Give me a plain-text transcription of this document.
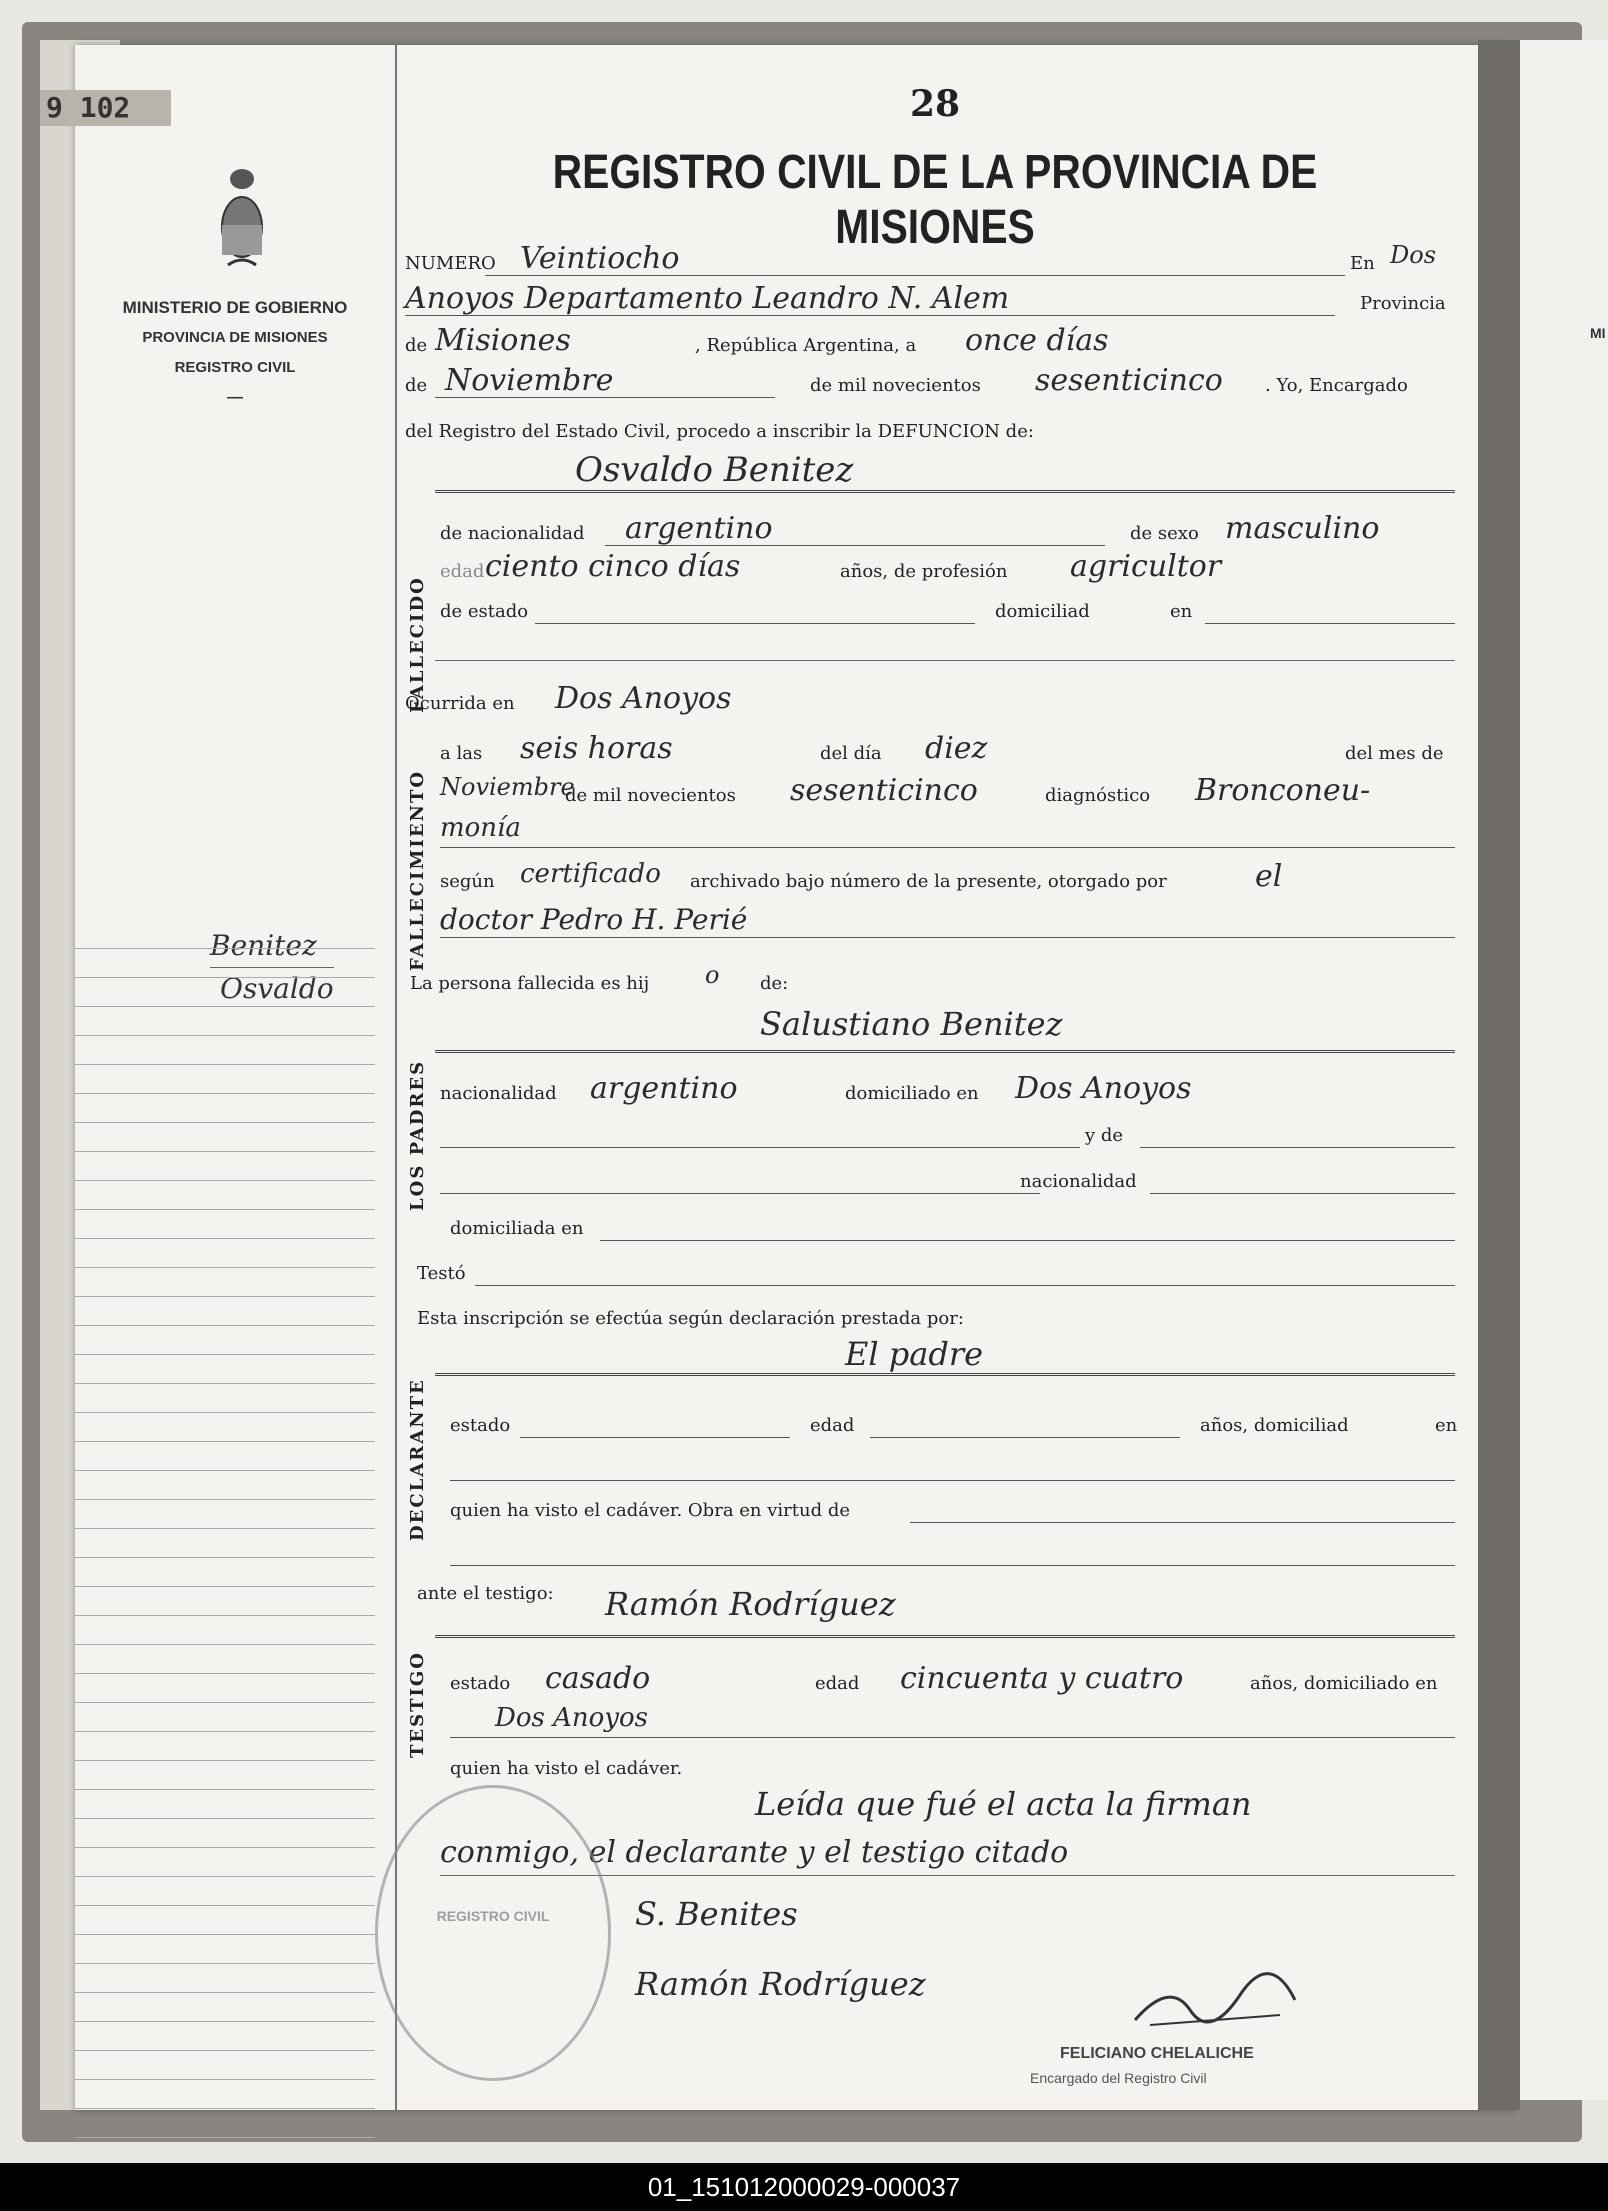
MI
9 102
MINISTERIO DE GOBIERNO
PROVINCIA DE MISIONES
REGISTRO CIVIL
—
Benitez
Osvaldo
28
REGISTRO CIVIL DE LA PROVINCIA DE MISIONES
NUMERO Veintiocho	En Dos
Anoyos Departamento Leandro N. Alem	Provincia
de Misiones	, República Argentina, a once días
de Noviembre	de mil novecientos sesenticinco . Yo, Encargado
del Registro del Estado Civil, procedo a inscribir la DEFUNCION de:
FALLECIDO
Osvaldo Benitez
de nacionalidad argentino	de sexo masculino
edad ciento cinco días	años, de profesión agricultor
de estado	domiciliad	en
Ocurrida en Dos Anoyos
FALLECIMIENTO
a las seis horas	del día diez	del mes de
Noviembre
de mil novecientos sesenticinco	diagnóstico Bronconeu-
monía
según certificado archivado bajo número de la presente, otorgado por	el
doctor Pedro H. Perié
La persona fallecida es hij o de:
LOS PADRES
Salustiano Benitez
nacionalidad argentino	domiciliado en Dos Anoyos
y de
nacionalidad
domiciliada en
Testó
Esta inscripción se efectúa según declaración prestada por:
El padre
DECLARANTE estado	edad	años, domiciliad	en
quien ha visto el cadáver. Obra en virtud de
ante el testigo: Ramón Rodríguez
TESTIGO estado casado	edad cincuenta y cuatro	años, domiciliado en
Dos Anoyos
quien ha visto el cadáver.
Leída que fué el acta la firman
conmigo, el declarante y el testigo citado
S. Benites
Ramón Rodríguez
REGISTRO CIVIL
FELICIANO CHELALICHE
Encargado del Registro Civil
01_151012000029-000037
